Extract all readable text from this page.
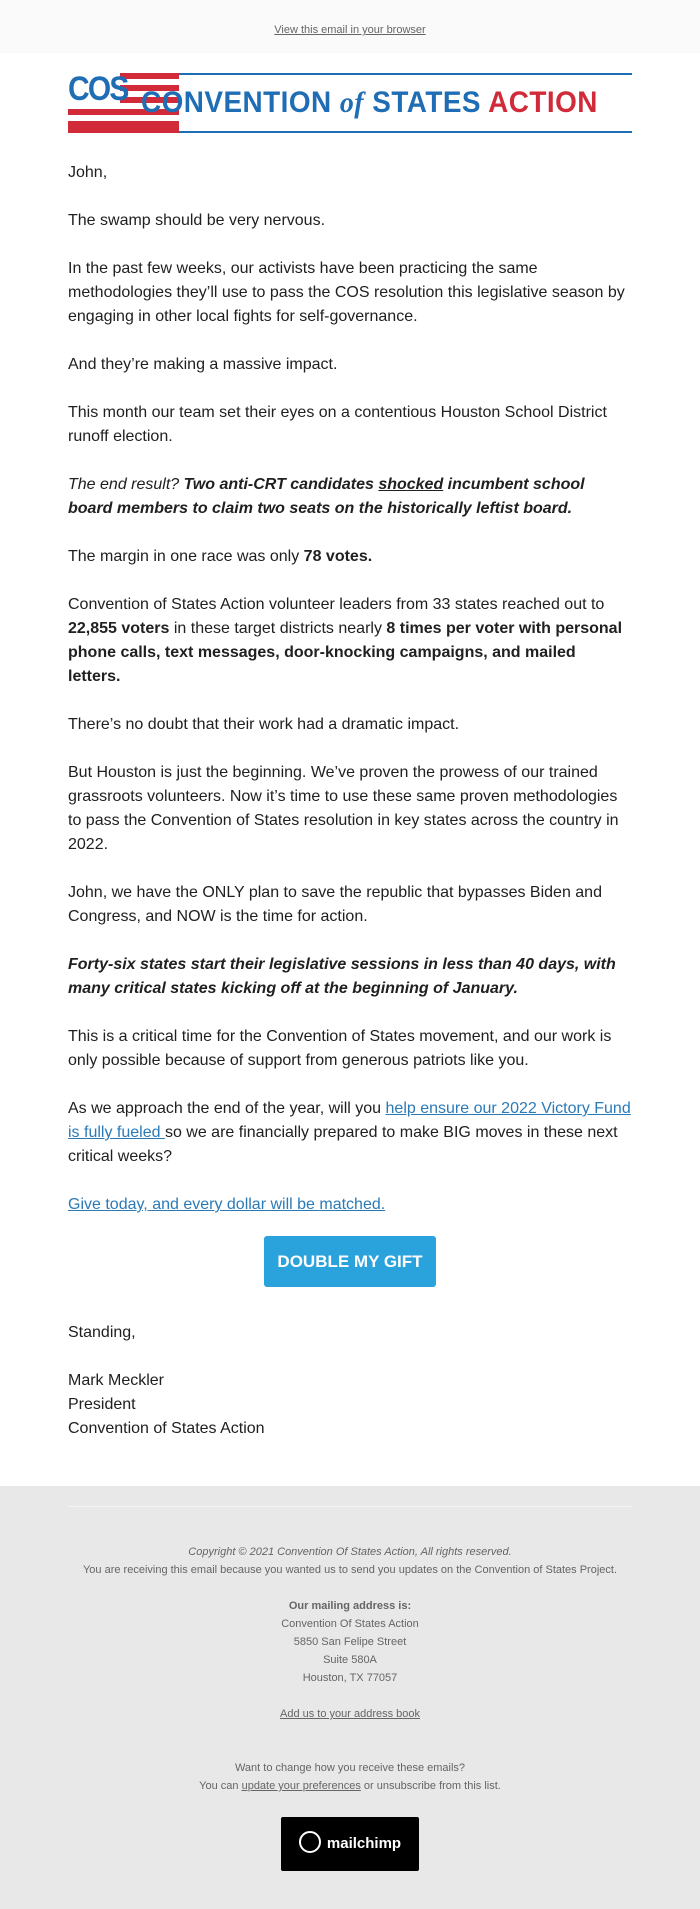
View this email in your browser
COS CONVENTION of STATES ACTION

John,

The swamp should be very nervous.

In the past few weeks, our activists have been practicing the same methodologies they’ll use to pass the COS resolution this legislative season by engaging in other local fights for self-governance.

And they’re making a massive impact.

This month our team set their eyes on a contentious Houston School District runoff election.

The end result? Two anti-CRT candidates shocked incumbent school board members to claim two seats on the historically leftist board.

The margin in one race was only 78 votes.

Convention of States Action volunteer leaders from 33 states reached out to 22,855 voters in these target districts nearly 8 times per voter with personal phone calls, text messages, door-knocking campaigns, and mailed letters.

There’s no doubt that their work had a dramatic impact.

But Houston is just the beginning. We’ve proven the prowess of our trained grassroots volunteers. Now it’s time to use these same proven methodologies to pass the Convention of States resolution in key states across the country in 2022.

John, we have the ONLY plan to save the republic that bypasses Biden and Congress, and NOW is the time for action.

Forty-six states start their legislative sessions in less than 40 days, with many critical states kicking off at the beginning of January.

This is a critical time for the Convention of States movement, and our work is only possible because of support from generous patriots like you.

As we approach the end of the year, will you help ensure our 2022 Victory Fund is fully fueled so we are financially prepared to make BIG moves in these next critical weeks?

Give today, and every dollar will be matched.

DOUBLE MY GIFT

Standing,

Mark Meckler

President

Convention of States Action

Copyright © 2021 Convention Of States Action, All rights reserved.

You are receiving this email because you wanted us to send you updates on the Convention of States Project.

Our mailing address is:

Convention Of States Action

5850 San Felipe Street

Suite 580A

Houston, TX 77057

Add us to your address book

Want to change how you receive these emails?

You can update your preferences or unsubscribe from this list.

mailchimp
